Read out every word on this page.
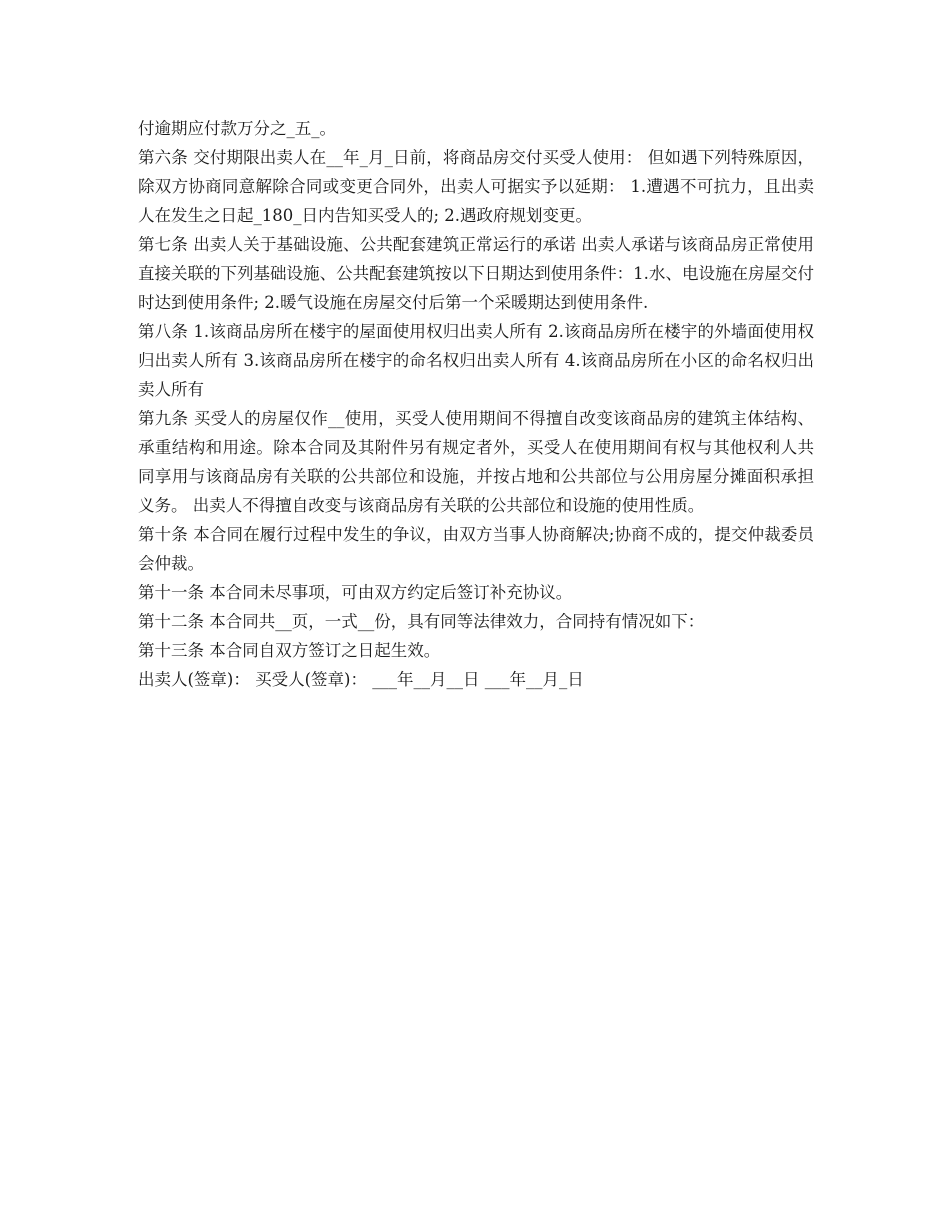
付逾期应付款万分之_五_。

第六条 交付期限出卖人在__年_月_日前，将商品房交付买受人使用： 但如遇下列特殊原因，除双方协商同意解除合同或变更合同外，出卖人可据实予以延期： 1.遭遇不可抗力，且出卖人在发生之日起_180_日内告知买受人的; 2.遇政府规划变更。

第七条 出卖人关于基础设施、公共配套建筑正常运行的承诺 出卖人承诺与该商品房正常使用直接关联的下列基础设施、公共配套建筑按以下日期达到使用条件：1.水、电设施在房屋交付时达到使用条件; 2.暖气设施在房屋交付后第一个采暖期达到使用条件.

第八条 1.该商品房所在楼宇的屋面使用权归出卖人所有 2.该商品房所在楼宇的外墙面使用权归出卖人所有 3.该商品房所在楼宇的命名权归出卖人所有 4.该商品房所在小区的命名权归出卖人所有

第九条 买受人的房屋仅作__使用，买受人使用期间不得擅自改变该商品房的建筑主体结构、承重结构和用途。除本合同及其附件另有规定者外，买受人在使用期间有权与其他权利人共同享用与该商品房有关联的公共部位和设施，并按占地和公共部位与公用房屋分摊面积承担义务。 出卖人不得擅自改变与该商品房有关联的公共部位和设施的使用性质。

第十条 本合同在履行过程中发生的争议，由双方当事人协商解决;协商不成的，提交仲裁委员会仲裁。

第十一条 本合同未尽事项，可由双方约定后签订补充协议。

第十二条 本合同共__页，一式__份，具有同等法律效力，合同持有情况如下：

第十三条 本合同自双方签订之日起生效。

出卖人(签章)： 买受人(签章)： ___年__月__日 ___年__月_日
